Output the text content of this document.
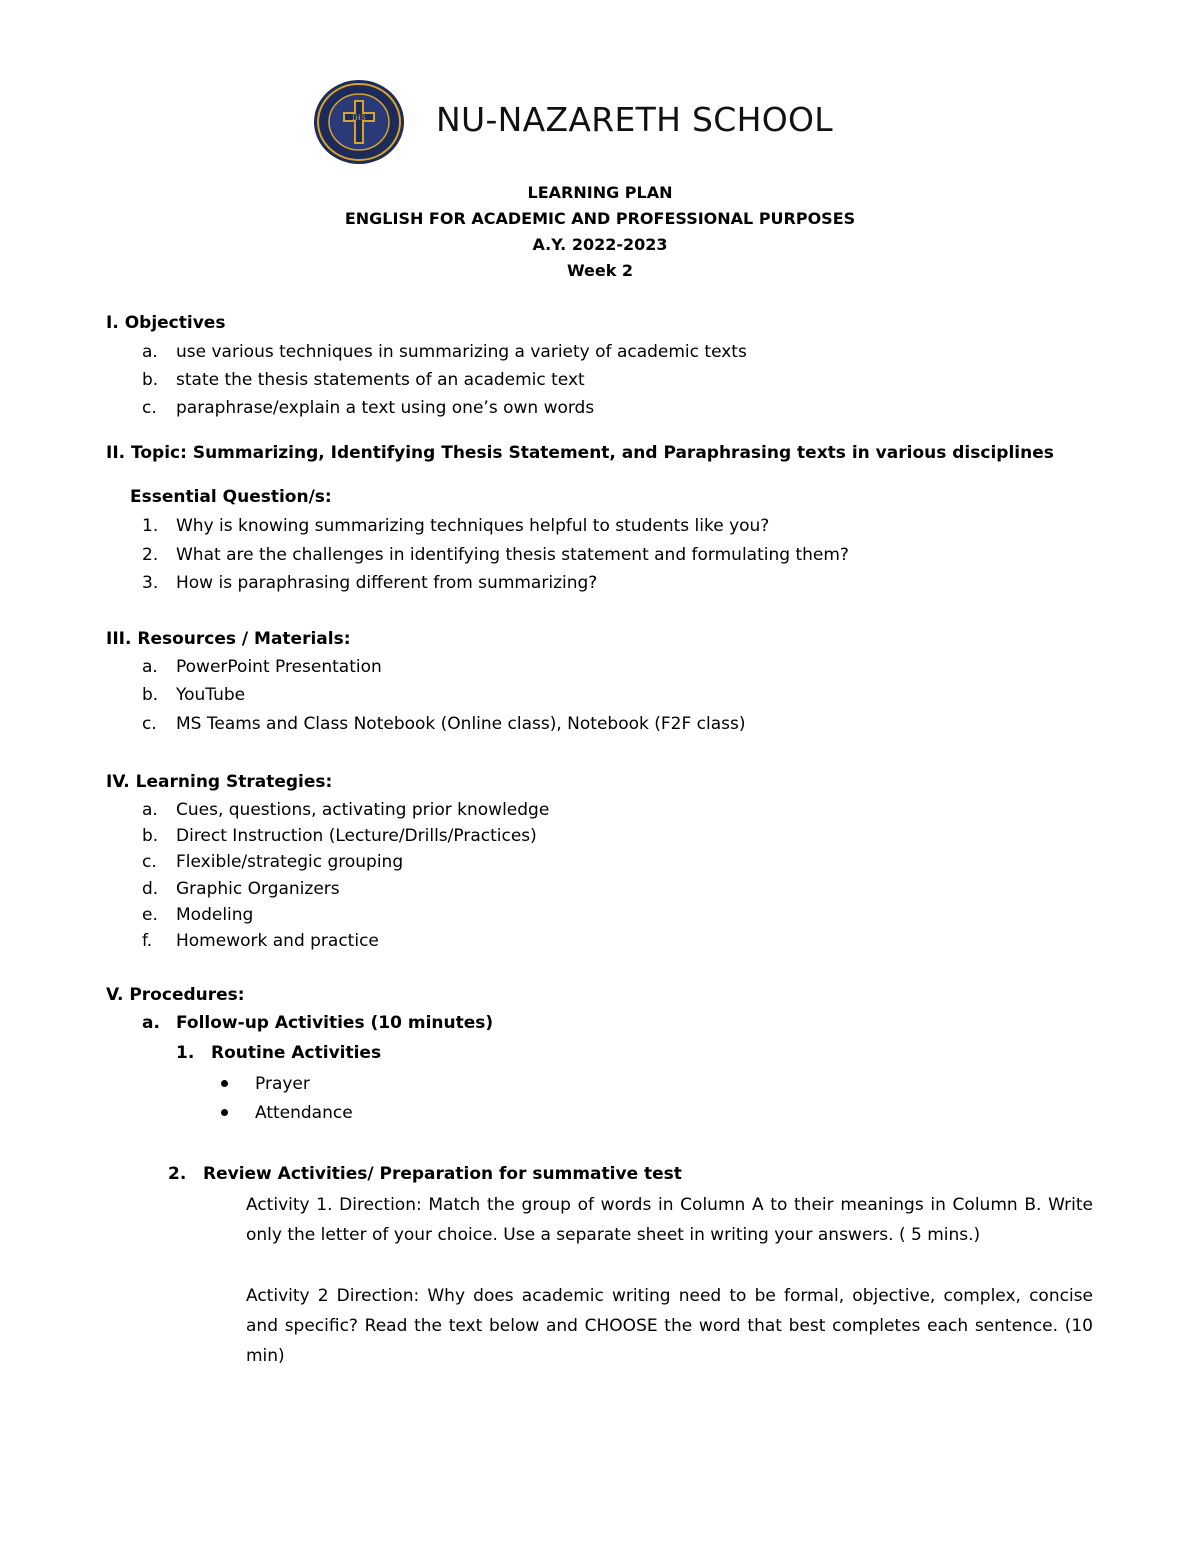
IHS NU-NAZARETH SCHOOL
LEARNING PLAN
ENGLISH FOR ACADEMIC AND PROFESSIONAL PURPOSES
A.Y. 2022-2023
Week 2
I. Objectives
a. use various techniques in summarizing a variety of academic texts
b. state the thesis statements of an academic text
c. paraphrase/explain a text using one’s own words
II. Topic: Summarizing, Identifying Thesis Statement, and Paraphrasing texts in various disciplines
Essential Question/s:
1. Why is knowing summarizing techniques helpful to students like you?
2. What are the challenges in identifying thesis statement and formulating them?
3. How is paraphrasing different from summarizing?
III. Resources / Materials:
a. PowerPoint Presentation
b. YouTube
c. MS Teams and Class Notebook (Online class), Notebook (F2F class)
IV. Learning Strategies:
a. Cues, questions, activating prior knowledge
b. Direct Instruction (Lecture/Drills/Practices)
c. Flexible/strategic grouping
d. Graphic Organizers
e. Modeling
f. Homework and practice
V. Procedures:
a. Follow-up Activities (10 minutes)
1. Routine Activities
Prayer
Attendance
2. Review Activities/ Preparation for summative test
Activity 1. Direction: Match the group of words in Column A to their meanings in Column B. Write only the letter of your choice. Use a separate sheet in writing your answers. ( 5 mins.)
Activity 2 Direction: Why does academic writing need to be formal, objective, complex, concise and specific? Read the text below and CHOOSE the word that best completes each sentence. (10 min)
